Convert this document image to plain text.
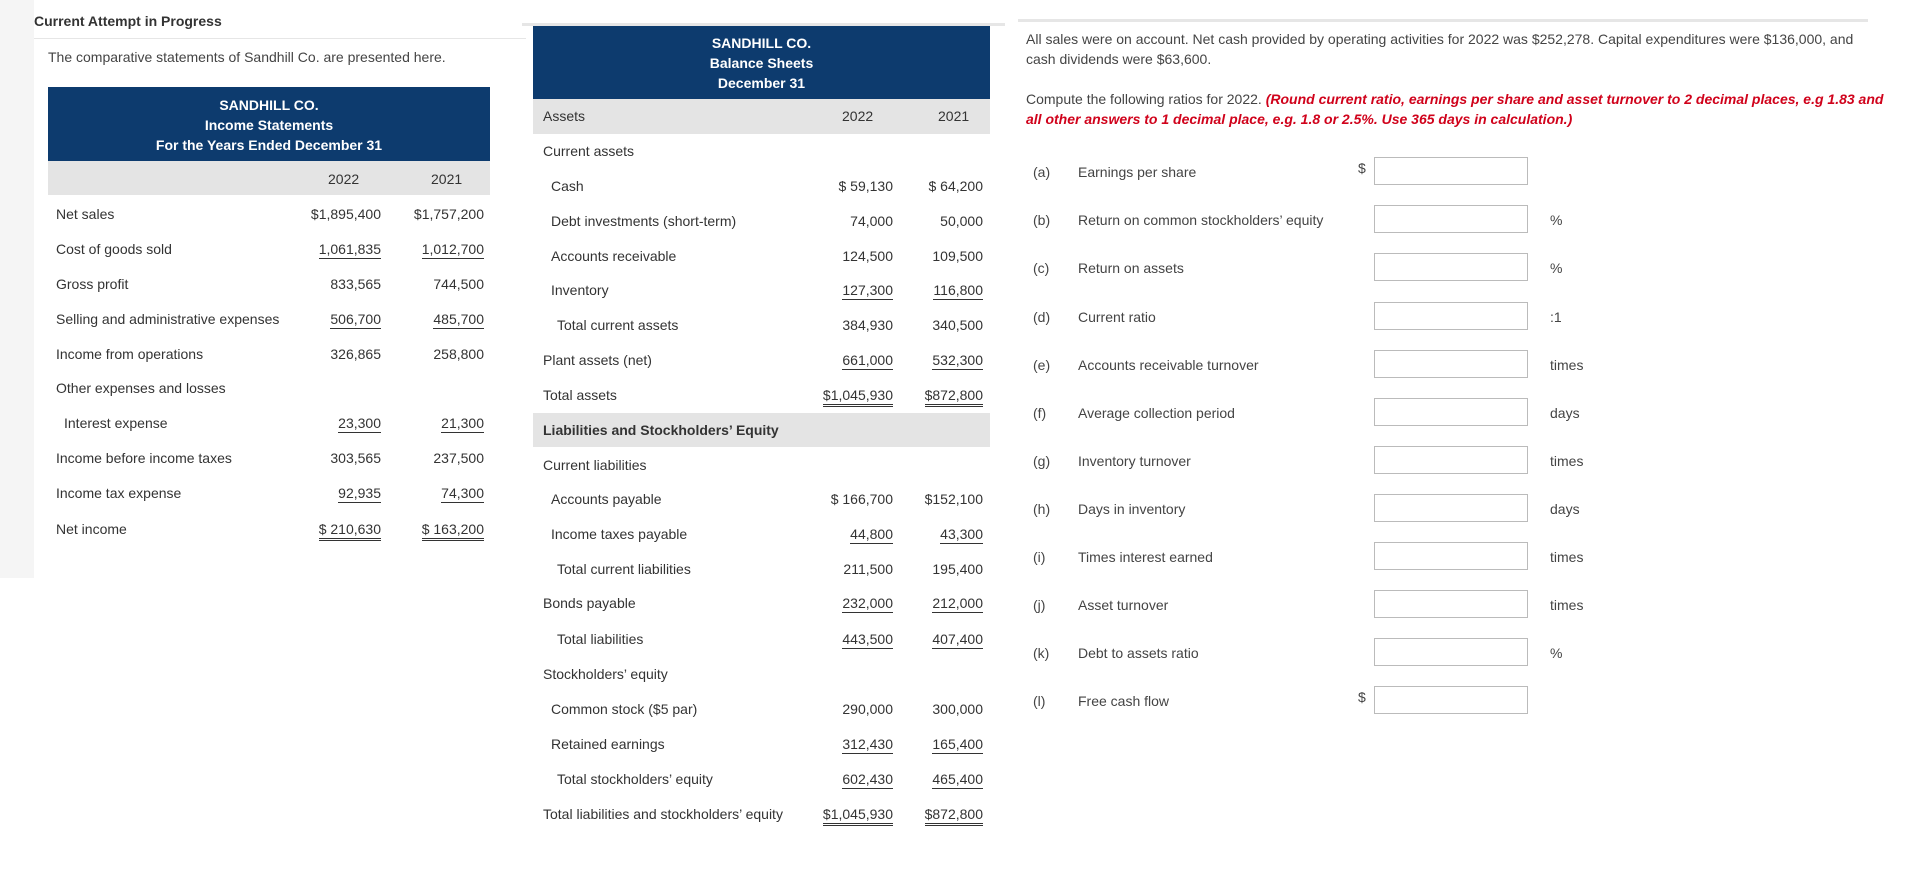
Current Attempt in Progress
The comparative statements of Sandhill Co. are presented here.
SANDHILL CO.
Income Statements
For the Years Ended December 31
2022	2021
Net sales	$1,895,400 $1,757,200
Cost of goods sold	1,061,835	1,012,700
Gross profit	833,565	744,500
Selling and administrative expenses	506,700	485,700
Income from operations	326,865	258,800
Other expenses and losses
Interest expense	23,300	21,300
Income before income taxes	303,565	237,500
Income tax expense	92,935	74,300
Net income	$ 210,630	$ 163,200
SANDHILL CO.
Balance Sheets
December 31
Assets	2022	2021
Liabilities and Stockholders’ Equity
Current assets
Cash	$ 59,130	$ 64,200
Debt investments (short-term)	74,000	50,000
Accounts receivable	124,500	109,500
Inventory	127,300	116,800
Total current assets	384,930	340,500
Plant assets (net)	661,000	532,300
Total assets	$1,045,930 $872,800
Current liabilities
Accounts payable	$ 166,700 $152,100
Income taxes payable	44,800	43,300
Total current liabilities	211,500	195,400
Bonds payable	232,000	212,000
Total liabilities	443,500	407,400
Stockholders’ equity
Common stock ($5 par)	290,000	300,000
Retained earnings	312,430	165,400
Total stockholders’ equity	602,430	465,400
Total liabilities and stockholders’ equity	$1,045,930 $872,800
All sales were on account. Net cash provided by operating activities for 2022 was $252,278. Capital expenditures were $136,000, and cash dividends were $63,600.
Compute the following ratios for 2022. (Round current ratio, earnings per share and asset turnover to 2 decimal places, e.g 1.83 and all other answers to 1 decimal place, e.g. 1.8 or 2.5%. Use 365 days in calculation.)
(a) Earnings per share	$
(b) Return on common stockholders’ equity	%
(c) Return on assets	%
(d) Current ratio	:1
(e) Accounts receivable turnover	times
(f) Average collection period	days
(g) Inventory turnover	times
(h) Days in inventory	days
(i) Times interest earned	times
(j) Asset turnover	times
(k) Debt to assets ratio	%
(l) Free cash flow	$
